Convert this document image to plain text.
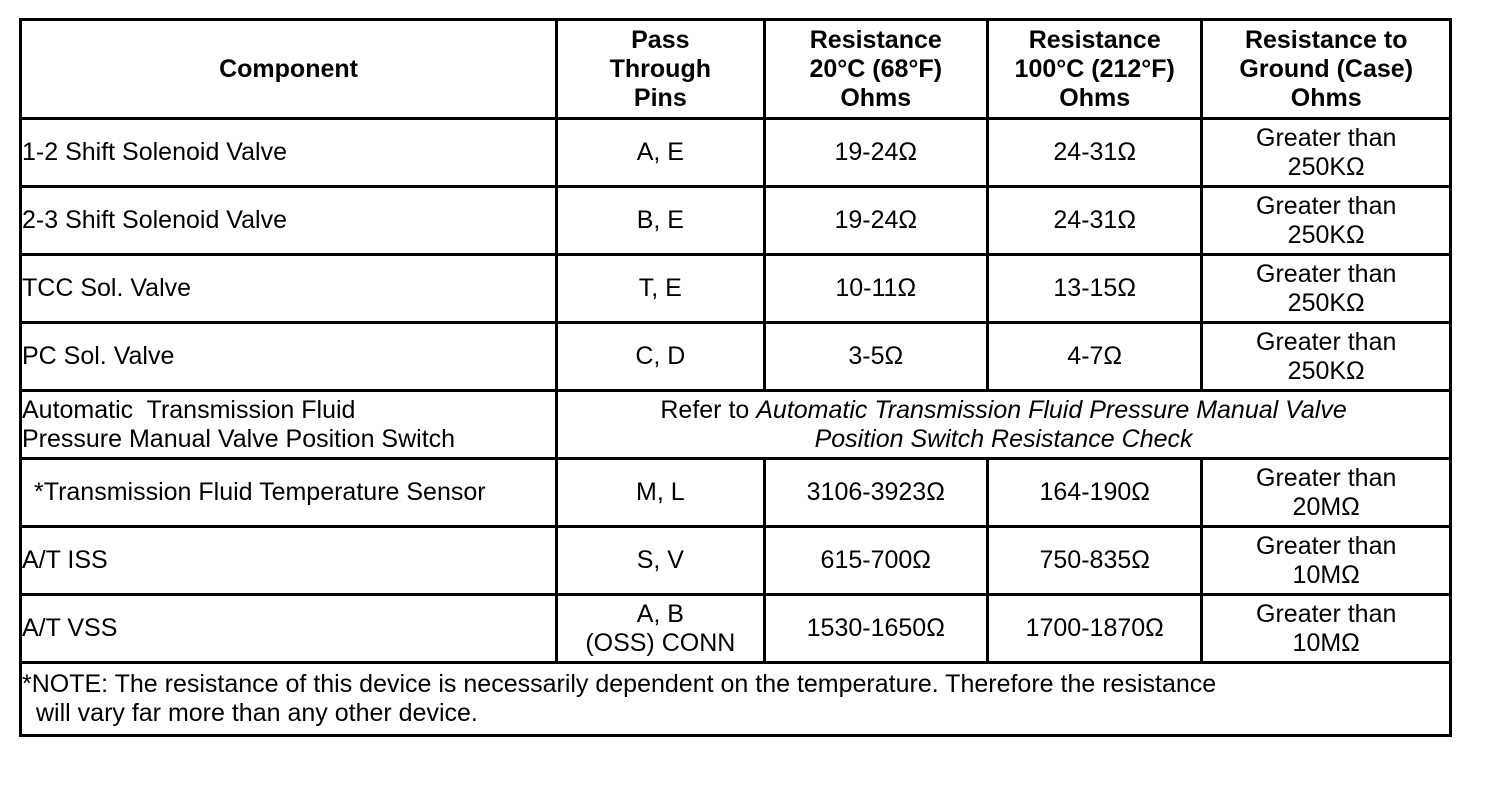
Component	Pass
Through
Pins	Resistance
20°C (68°F)
Ohms	Resistance
100°C (212°F)
Ohms	Resistance to
Ground (Case)
Ohms

1-2 Shift Solenoid Valve	A, E	19-24Ω	24-31Ω	Greater than
250KΩ

2-3 Shift Solenoid Valve	B, E	19-24Ω	24-31Ω	Greater than
250KΩ

TCC Sol. Valve	T, E	10-11Ω	13-15Ω	Greater than
250KΩ

PC Sol. Valve	C, D	3-5Ω	4-7Ω	Greater than
250KΩ

Automatic  Transmission Fluid
Pressure Manual Valve Position Switch	Refer to Automatic Transmission Fluid Pressure Manual Valve
Position Switch Resistance Check			

*Transmission Fluid Temperature Sensor	M, L	3106-3923Ω	164-190Ω	Greater than
20MΩ

A/T ISS	S, V	615-700Ω	750-835Ω	Greater than
10MΩ

A/T VSS	A, B
(OSS) CONN	1530-1650Ω	1700-1870Ω	Greater than
10MΩ

*NOTE: The resistance of this device is necessarily dependent on the temperature. Therefore the resistance
will vary far more than any other device.				
